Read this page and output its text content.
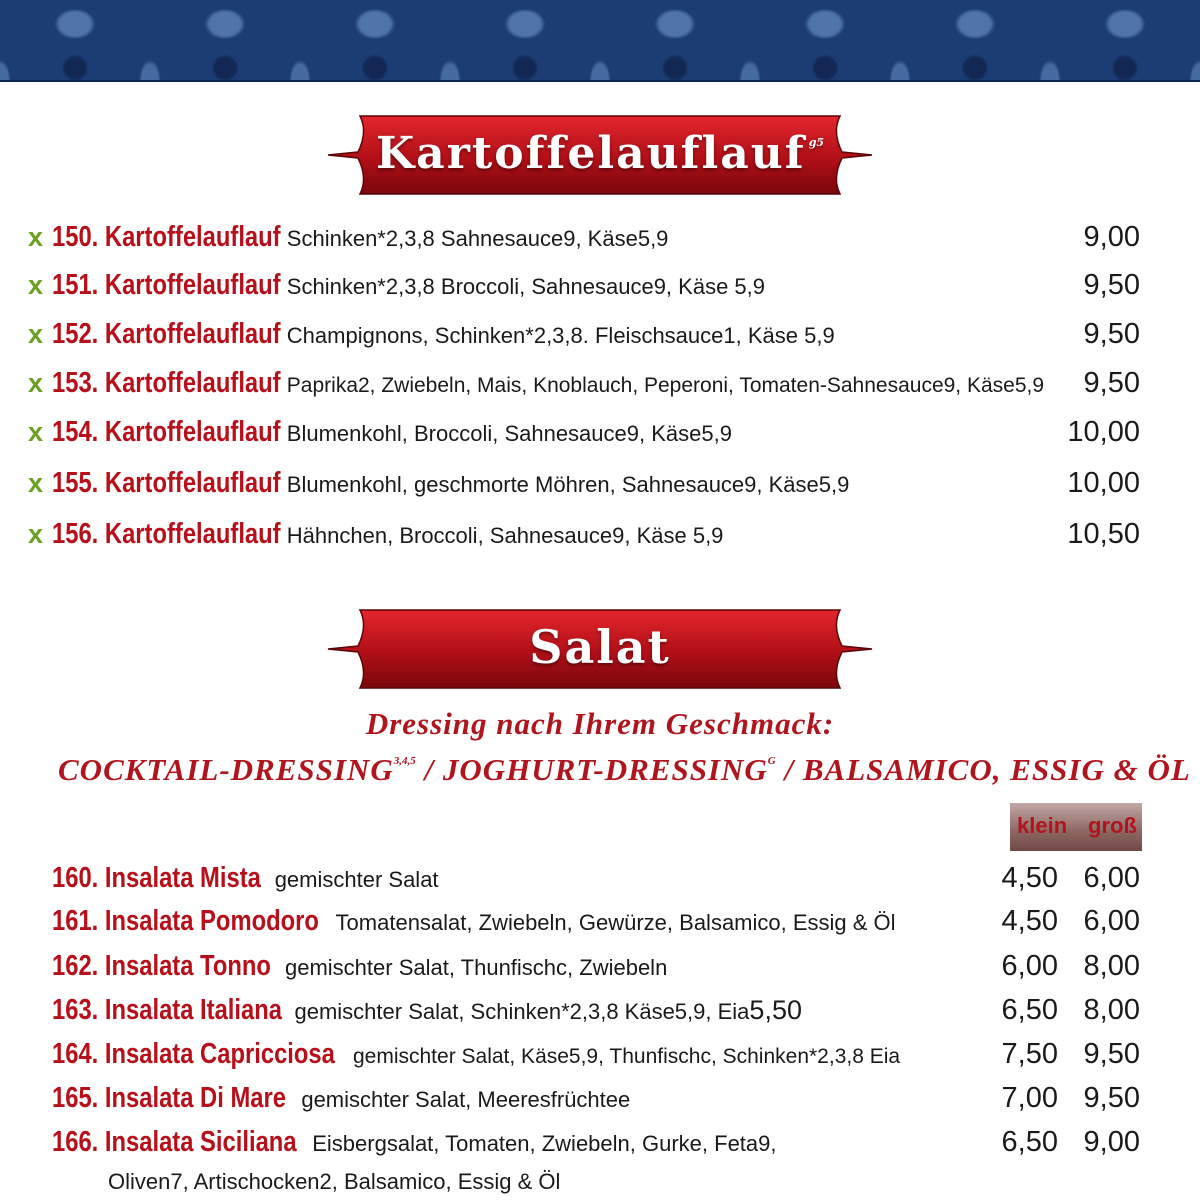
Kartoffelauflauf $^{g5}$
x 150. Kartoffelauflauf Schinken*2,3,8 Sahnesauce9, Käse5,9	9,00
x 151. Kartoffelauflauf Schinken*2,3,8 Broccoli, Sahnesauce9, Käse 5,9	9,50
x 152. Kartoffelauflauf Champignons, Schinken*2,3,8. Fleischsauce1, Käse 5,9	9,50
x 153. Kartoffelauflauf Paprika2, Zwiebeln, Mais, Knoblauch, Peperoni, Tomaten-Sahnesauce9, Käse5,9 9,50
x 154. Kartoffelauflauf Blumenkohl, Broccoli, Sahnesauce9, Käse5,9	10,00
x 155. Kartoffelauflauf Blumenkohl, geschmorte Möhren, Sahnesauce9, Käse5,9	10,00
x 156. Kartoffelauflauf Hähnchen, Broccoli, Sahnesauce9, Käse 5,9	10,50
Salat
Dressing nach Ihrem Geschmack:
COCKTAIL-DRESSING$^{3,4,5}$ / JOGHURT-$DRESSING^G$ / BALSAMICO, ESSIG & ÖL
klein groß
160. Insalata Mista gemischter Salat	4,50 6,00
161. Insalata Pomodoro Tomatensalat, Zwiebeln, Gewürze, Balsamico, Essig & Öl	4,50 6,00
162. Insalata Tonno gemischter Salat, Thunfischc, Zwiebeln	6,00 8,00
163. Insalata Italiana gemischter Salat, Schinken*2,3,8 Käse5,9, Eia5,50	6,50 8,00
164. Insalata Capricciosa gemischter Salat, Käse5,9, Thunfischc, Schinken*2,3,8 Eia	7,50 9,50
165. Insalata Di Mare gemischter Salat, Meeresfrüchtee	7,00 9,50
166. Insalata Siciliana Eisbergsalat, Tomaten, Zwiebeln, Gurke, Feta9,	6,50 9,00
Oliven7, Artischocken2, Balsamico, Essig & Öl
